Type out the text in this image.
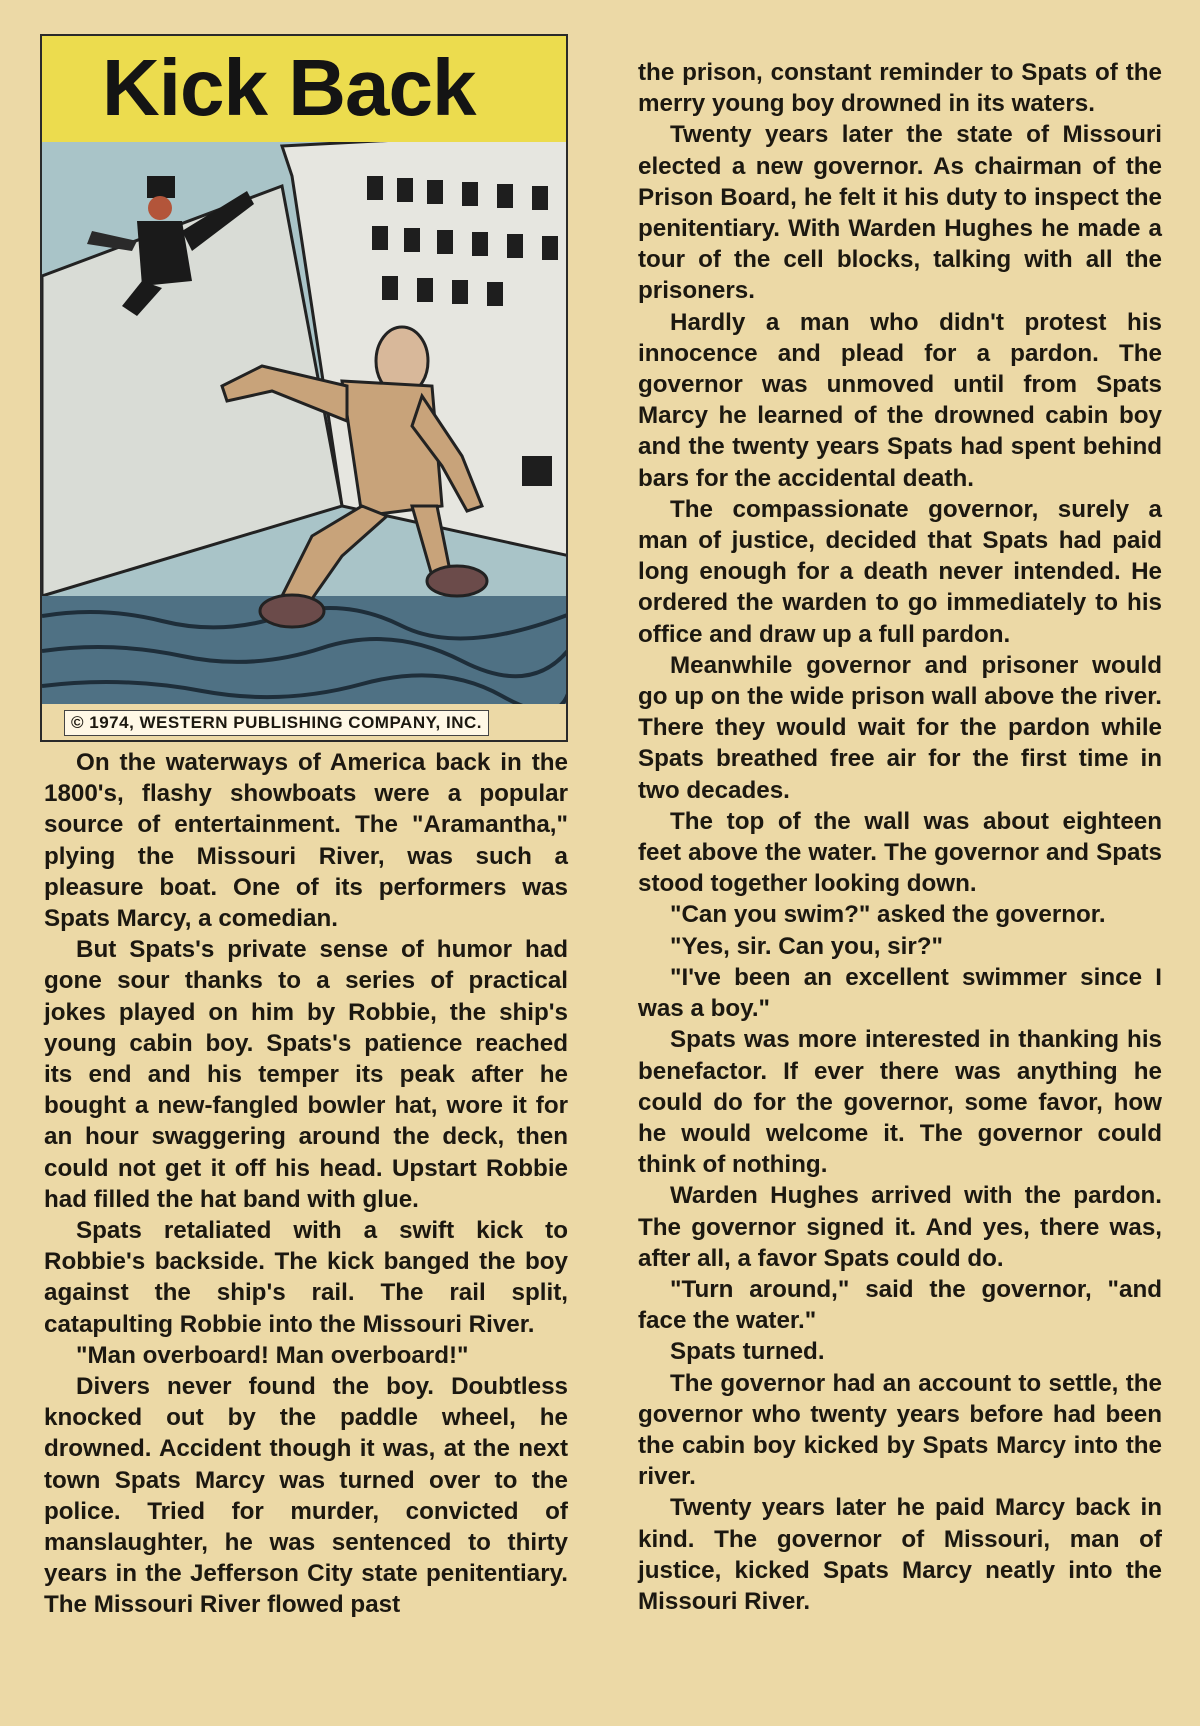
Kick Back
© 1974, WESTERN PUBLISHING COMPANY, INC.

On the waterways of America back in the 1800's, flashy showboats were a popular source of entertainment. The "Aramantha," plying the Missouri River, was such a pleasure boat. One of its performers was Spats Marcy, a comedian.

But Spats's private sense of humor had gone sour thanks to a series of practical jokes played on him by Robbie, the ship's young cabin boy. Spats's patience reached its end and his temper its peak after he bought a new-fangled bowler hat, wore it for an hour swaggering around the deck, then could not get it off his head. Upstart Robbie had filled the hat band with glue.

Spats retaliated with a swift kick to Robbie's backside. The kick banged the boy against the ship's rail. The rail split, catapulting Robbie into the Missouri River.

"Man overboard! Man overboard!"

Divers never found the boy. Doubtless knocked out by the paddle wheel, he drowned. Accident though it was, at the next town Spats Marcy was turned over to the police. Tried for murder, convicted of manslaughter, he was sentenced to thirty years in the Jefferson City state penitentiary. The Missouri River flowed past

the prison, constant reminder to Spats of the merry young boy drowned in its waters.

Twenty years later the state of Missouri elected a new governor. As chairman of the Prison Board, he felt it his duty to inspect the penitentiary. With Warden Hughes he made a tour of the cell blocks, talking with all the prisoners.

Hardly a man who didn't protest his innocence and plead for a pardon. The governor was unmoved until from Spats Marcy he learned of the drowned cabin boy and the twenty years Spats had spent behind bars for the accidental death.

The compassionate governor, surely a man of justice, decided that Spats had paid long enough for a death never intended. He ordered the warden to go immediately to his office and draw up a full pardon.

Meanwhile governor and prisoner would go up on the wide prison wall above the river. There they would wait for the pardon while Spats breathed free air for the first time in two decades.

The top of the wall was about eighteen feet above the water. The governor and Spats stood together looking down.

"Can you swim?" asked the governor.

"Yes, sir. Can you, sir?"

"I've been an excellent swimmer since I was a boy."

Spats was more interested in thanking his benefactor. If ever there was anything he could do for the governor, some favor, how he would welcome it. The governor could think of nothing.

Warden Hughes arrived with the pardon. The governor signed it. And yes, there was, after all, a favor Spats could do.

"Turn around," said the governor, "and face the water."

Spats turned.

The governor had an account to settle, the governor who twenty years before had been the cabin boy kicked by Spats Marcy into the river.

Twenty years later he paid Marcy back in kind. The governor of Missouri, man of justice, kicked Spats Marcy neatly into the Missouri River.
